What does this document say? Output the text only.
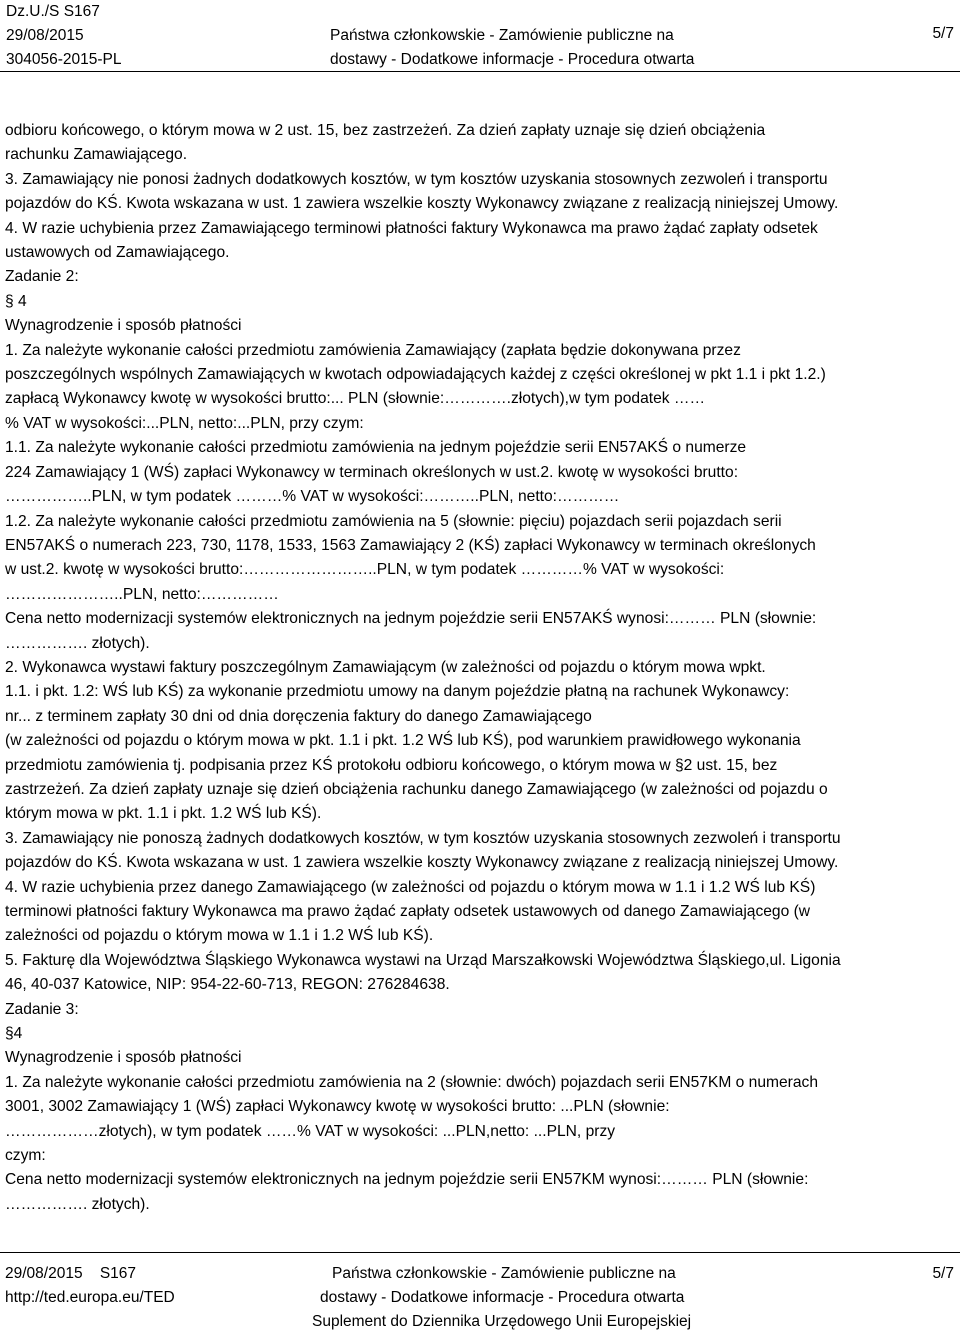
Dz.U./S S167
29/08/2015
304056-2015-PL
Państwa członkowskie - Zamówienie publiczne na
dostawy - Dodatkowe informacje - Procedura otwarta
5/7

odbioru końcowego, o którym mowa w 2 ust. 15, bez zastrzeżeń. Za dzień zapłaty uznaje się dzień obciążenia

rachunku Zamawiającego.

3. Zamawiający nie ponosi żadnych dodatkowych kosztów, w tym kosztów uzyskania stosownych zezwoleń i transportu

pojazdów do KŚ. Kwota wskazana w ust. 1 zawiera wszelkie koszty Wykonawcy związane z realizacją niniejszej Umowy.

4. W razie uchybienia przez Zamawiającego terminowi płatności faktury Wykonawca ma prawo żądać zapłaty odsetek

ustawowych od Zamawiającego.

Zadanie 2:

§ 4

Wynagrodzenie i sposób płatności

1. Za należyte wykonanie całości przedmiotu zamówienia Zamawiający (zapłata będzie dokonywana przez

poszczególnych wspólnych Zamawiających w kwotach odpowiadających każdej z części określonej w pkt 1.1 i pkt 1.2.)

zapłacą Wykonawcy kwotę w wysokości brutto:... PLN (słownie:………….złotych),w tym podatek ……

% VAT w wysokości:...PLN, netto:...PLN, przy czym:

1.1. Za należyte wykonanie całości przedmiotu zamówienia na jednym pojeździe serii EN57AKŚ o numerze

224 Zamawiający 1 (WŚ) zapłaci Wykonawcy w terminach określonych w ust.2. kwotę w wysokości brutto:

……………..PLN, w tym podatek ………% VAT w wysokości:………..PLN, netto:…………

1.2. Za należyte wykonanie całości przedmiotu zamówienia na 5 (słownie: pięciu) pojazdach serii pojazdach serii

EN57AKŚ o numerach 223, 730, 1178, 1533, 1563 Zamawiający 2 (KŚ) zapłaci Wykonawcy w terminach określonych

w ust.2. kwotę w wysokości brutto:……………………..PLN, w tym podatek …………% VAT w wysokości:

…………………..PLN, netto:……………

Cena netto modernizacji systemów elektronicznych na jednym pojeździe serii EN57AKŚ wynosi:……… PLN (słownie:

……………. złotych).

2. Wykonawca wystawi faktury poszczególnym Zamawiającym (w zależności od pojazdu o którym mowa wpkt.

1.1. i pkt. 1.2: WŚ lub KŚ) za wykonanie przedmiotu umowy na danym pojeździe płatną na rachunek Wykonawcy:

nr... z terminem zapłaty 30 dni od dnia doręczenia faktury do danego Zamawiającego

(w zależności od pojazdu o którym mowa w pkt. 1.1 i pkt. 1.2 WŚ lub KŚ), pod warunkiem prawidłowego wykonania

przedmiotu zamówienia tj. podpisania przez KŚ protokołu odbioru końcowego, o którym mowa w §2 ust. 15, bez

zastrzeżeń. Za dzień zapłaty uznaje się dzień obciążenia rachunku danego Zamawiającego (w zależności od pojazdu o

którym mowa w pkt. 1.1 i pkt. 1.2 WŚ lub KŚ).

3. Zamawiający nie ponoszą żadnych dodatkowych kosztów, w tym kosztów uzyskania stosownych zezwoleń i transportu

pojazdów do KŚ. Kwota wskazana w ust. 1 zawiera wszelkie koszty Wykonawcy związane z realizacją niniejszej Umowy.

4. W razie uchybienia przez danego Zamawiającego (w zależności od pojazdu o którym mowa w 1.1 i 1.2 WŚ lub KŚ)

terminowi płatności faktury Wykonawca ma prawo żądać zapłaty odsetek ustawowych od danego Zamawiającego (w

zależności od pojazdu o którym mowa w 1.1 i 1.2 WŚ lub KŚ).

5. Fakturę dla Województwa Śląskiego Wykonawca wystawi na Urząd Marszałkowski Województwa Śląskiego,ul. Ligonia

46, 40-037 Katowice, NIP: 954-22-60-713, REGON: 276284638.

Zadanie 3:

§4

Wynagrodzenie i sposób płatności

1. Za należyte wykonanie całości przedmiotu zamówienia na 2 (słownie: dwóch) pojazdach serii EN57KM o numerach

3001, 3002 Zamawiający 1 (WŚ) zapłaci Wykonawcy kwotę w wysokości brutto: ...PLN (słownie:

………………złotych), w tym podatek ……% VAT w wysokości: ...PLN,netto: ...PLN, przy

czym:

Cena netto modernizacji systemów elektronicznych na jednym pojeździe serii EN57KM wynosi:……… PLN (słownie:

……………. złotych).

29/08/2015 S167
http://ted.europa.eu/TED
Państwa członkowskie - Zamówienie publiczne na
dostawy - Dodatkowe informacje - Procedura otwarta
Suplement do Dziennika Urzędowego Unii Europejskiej
5/7
